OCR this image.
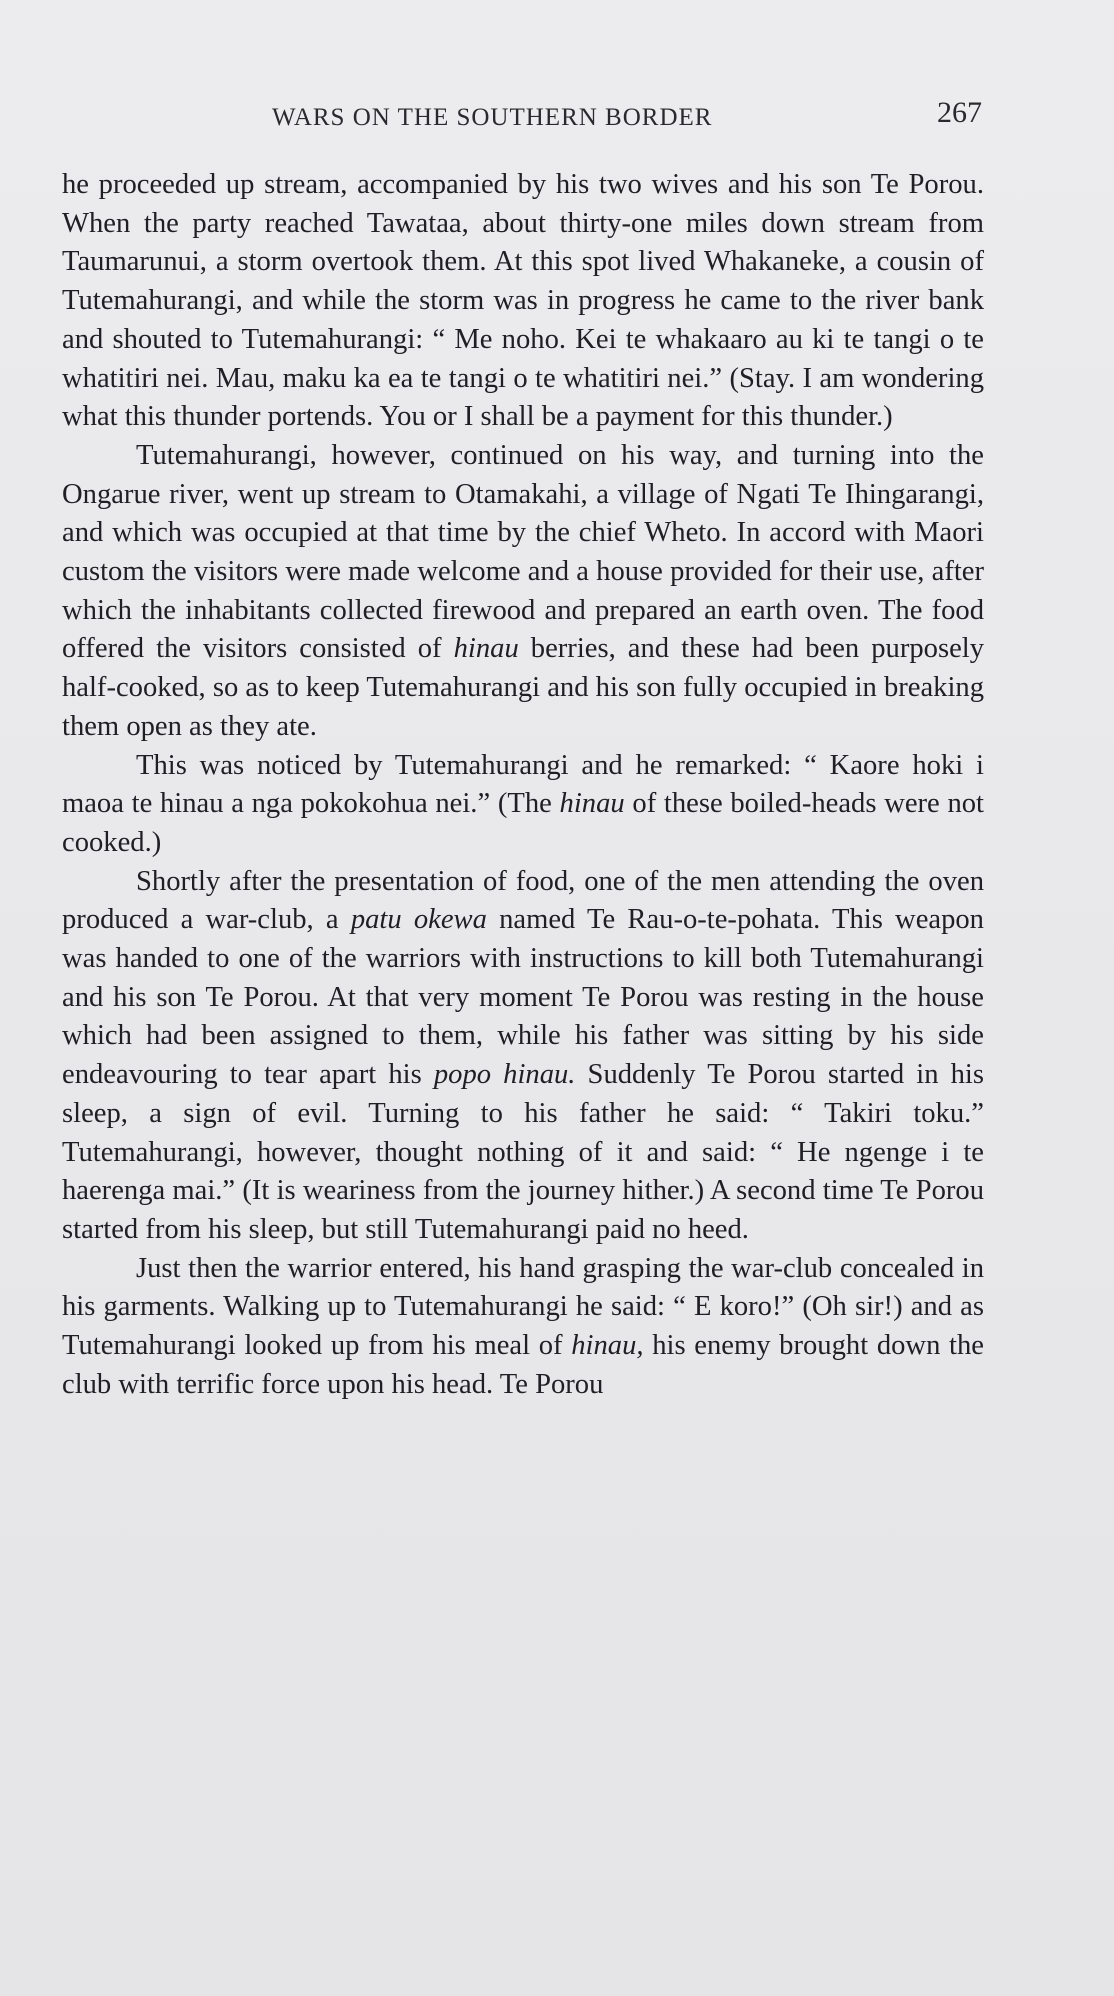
WARS ON THE SOUTHERN BORDER	267

he proceeded up stream, accompanied by his two wives and his son Te Porou. When the party reached Tawataa, about thirty-one miles down stream from Taumarunui, a storm overtook them. At this spot lived Whakaneke, a cousin of Tutemahurangi, and while the storm was in progress he came to the river bank and shouted to Tutemahurangi: “ Me noho. Kei te whakaaro au ki te tangi o te whatitiri nei. Mau, maku ka ea te tangi o te whatitiri nei.” (Stay. I am wondering what this thunder portends. You or I shall be a payment for this thunder.)

Tutemahurangi, however, continued on his way, and turning into the Ongarue river, went up stream to Otamakahi, a village of Ngati Te Ihingarangi, and which was occupied at that time by the chief Wheto. In accord with Maori custom the visitors were made welcome and a house provided for their use, after which the inhabitants collected firewood and prepared an earth oven. The food offered the visitors consisted of hinau berries, and these had been purposely half-cooked, so as to keep Tutemahurangi and his son fully occupied in breaking them open as they ate.

This was noticed by Tutemahurangi and he remarked: “ Kaore hoki i maoa te hinau a nga pokokohua nei.” (The hinau of these boiled-heads were not cooked.)

Shortly after the presentation of food, one of the men attending the oven produced a war-club, a patu okewa named Te Rau-o-te-pohata. This weapon was handed to one of the warriors with instructions to kill both Tutemahurangi and his son Te Porou. At that very moment Te Porou was resting in the house which had been assigned to them, while his father was sitting by his side endeavouring to tear apart his popo hinau. Suddenly Te Porou started in his sleep, a sign of evil. Turning to his father he said: “ Takiri toku.” Tutemahurangi, however, thought nothing of it and said: “ He ngenge i te haerenga mai.” (It is weariness from the journey hither.) A second time Te Porou started from his sleep, but still Tutemahurangi paid no heed.

Just then the warrior entered, his hand grasping the war-club concealed in his garments. Walking up to Tutemahurangi he said: “ E koro!” (Oh sir!) and as Tutemahurangi looked up from his meal of hinau, his enemy brought down the club with terrific force upon his head. Te Porou
